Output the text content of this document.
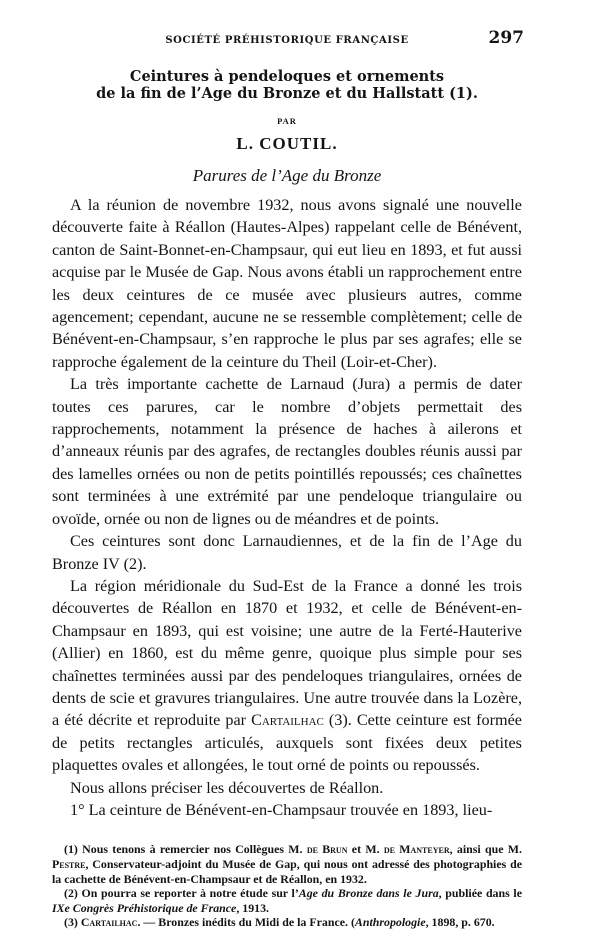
SOCIÉTÉ PRÉHISTORIQUE FRANÇAISE	297
Ceintures à pendeloques et ornements
de la fin de l’Age du Bronze et du Hallstatt (1).
PAR
L. COUTIL.
Parures de l’Age du Bronze

A la réunion de novembre 1932, nous avons signalé une nouvelle découverte faite à Réallon (Hautes-Alpes) rappelant celle de Bénévent, canton de Saint-Bonnet-en-Champsaur, qui eut lieu en 1893, et fut aussi acquise par le Musée de Gap. Nous avons établi un rapprochement entre les deux ceintures de ce musée avec plusieurs autres, comme agencement; cependant, aucune ne se ressemble complètement; celle de Bénévent-en-Champsaur, s’en rapproche le plus par ses agrafes; elle se rapproche également de la ceinture du Theil (Loir-et-Cher).

La très importante cachette de Larnaud (Jura) a permis de dater toutes ces parures, car le nombre d’objets permettait des rapprochements, notamment la présence de haches à ailerons et d’anneaux réunis par des agrafes, de rectangles doubles réunis aussi par des lamelles ornées ou non de petits pointillés repoussés; ces chaînettes sont terminées à une extrémité par une pendeloque triangulaire ou ovoïde, ornée ou non de lignes ou de méandres et de points.

Ces ceintures sont donc Larnaudiennes, et de la fin de l’Age du Bronze IV (2).

La région méridionale du Sud-Est de la France a donné les trois découvertes de Réallon en 1870 et 1932, et celle de Bénévent-en-Champsaur en 1893, qui est voisine; une autre de la Ferté-Hauterive (Allier) en 1860, est du même genre, quoique plus simple pour ses chaînettes terminées aussi par des pendeloques triangulaires, ornées de dents de scie et gravures triangulaires. Une autre trouvée dans la Lozère, a été décrite et reproduite par Cartailhac (3). Cette ceinture est formée de petits rectangles articulés, auxquels sont fixées deux petites plaquettes ovales et allongées, le tout orné de points ou repoussés.

Nous allons préciser les découvertes de Réallon.

1° La ceinture de Bénévent-en-Champsaur trouvée en 1893, lieu-

(1) Nous tenons à remercier nos Collègues M. de Brun et M. de Manteyer, ainsi que M. Pestre, Conservateur-adjoint du Musée de Gap, qui nous ont adressé des photographies de la cachette de Bénévent-en-Champsaur et de Réallon, en 1932.

(2) On pourra se reporter à notre étude sur l’Age du Bronze dans le Jura, publiée dans le IXe Congrès Préhistorique de France, 1913.

(3) Cartailhac. — Bronzes inédits du Midi de la France. (Anthropologie, 1898, p. 670.
